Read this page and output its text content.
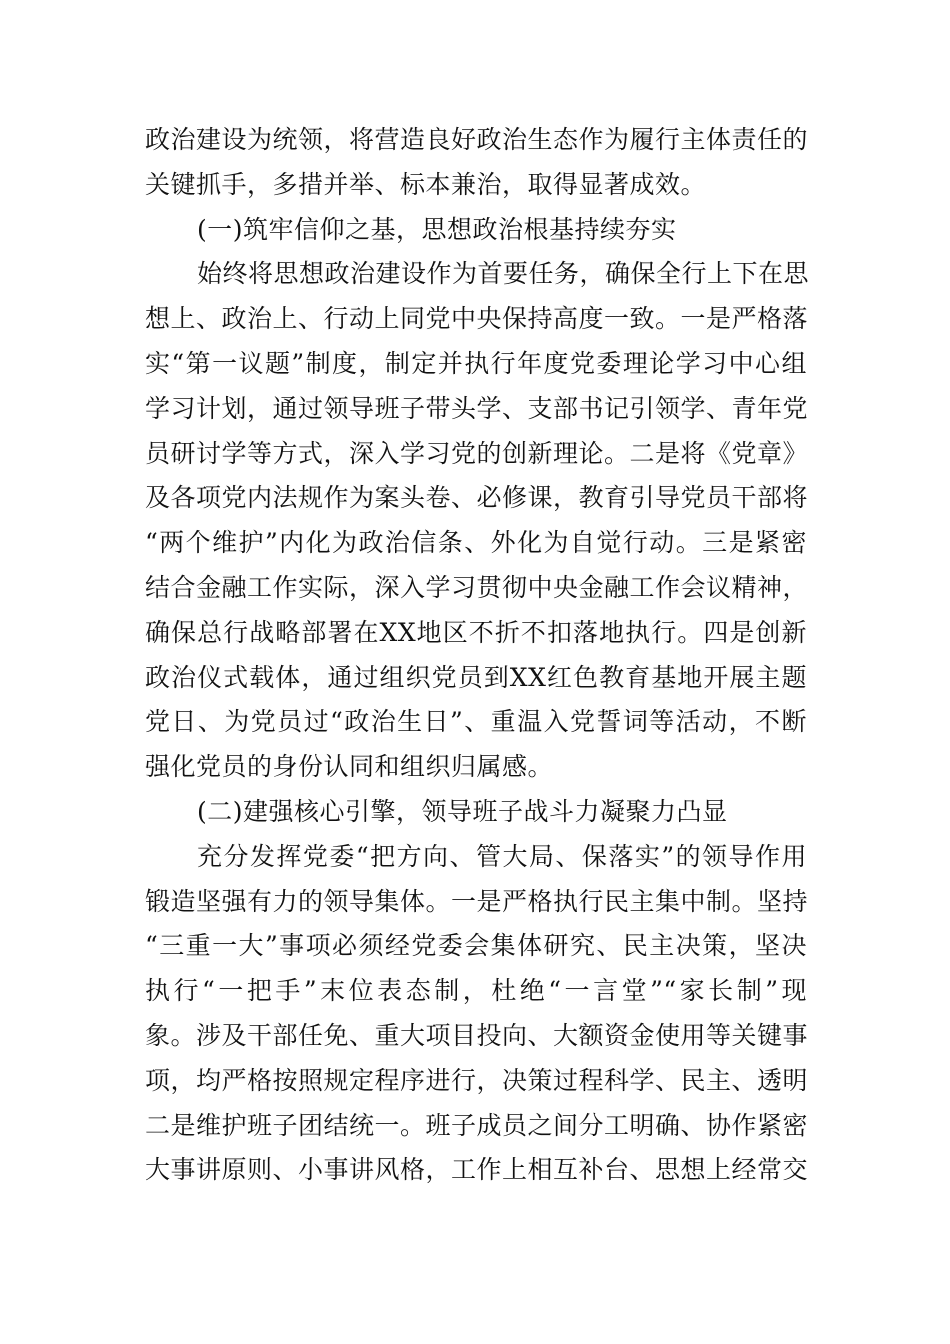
政治建设为统领，将营造良好政治生态作为履行主体责任的
关键抓手，多措并举、标本兼治，取得显著成效。
(一)筑牢信仰之基，思想政治根基持续夯实
始终将思想政治建设作为首要任务，确保全行上下在思
想上、政治上、行动上同党中央保持高度一致。一是严格落
实“第一议题”制度，制定并执行年度党委理论学习中心组
学习计划，通过领导班子带头学、支部书记引领学、青年党
员研讨学等方式，深入学习党的创新理论。二是将《党章》
及各项党内法规作为案头卷、必修课，教育引导党员干部将
“两个维护”内化为政治信条、外化为自觉行动。三是紧密
结合金融工作实际，深入学习贯彻中央金融工作会议精神，
确保总行战略部署在XX地区不折不扣落地执行。四是创新
政治仪式载体，通过组织党员到XX红色教育基地开展主题
党日、为党员过“政治生日”、重温入党誓词等活动，不断
强化党员的身份认同和组织归属感。
(二)建强核心引擎，领导班子战斗力凝聚力凸显
充分发挥党委“把方向、管大局、保落实”的领导作用
锻造坚强有力的领导集体。一是严格执行民主集中制。坚持
“三重一大”事项必须经党委会集体研究、民主决策，坚决
执行“一把手”末位表态制，杜绝“一言堂”“家长制”现
象。涉及干部任免、重大项目投向、大额资金使用等关键事
项，均严格按照规定程序进行，决策过程科学、民主、透明
二是维护班子团结统一。班子成员之间分工明确、协作紧密
大事讲原则、小事讲风格，工作上相互补台、思想上经常交
